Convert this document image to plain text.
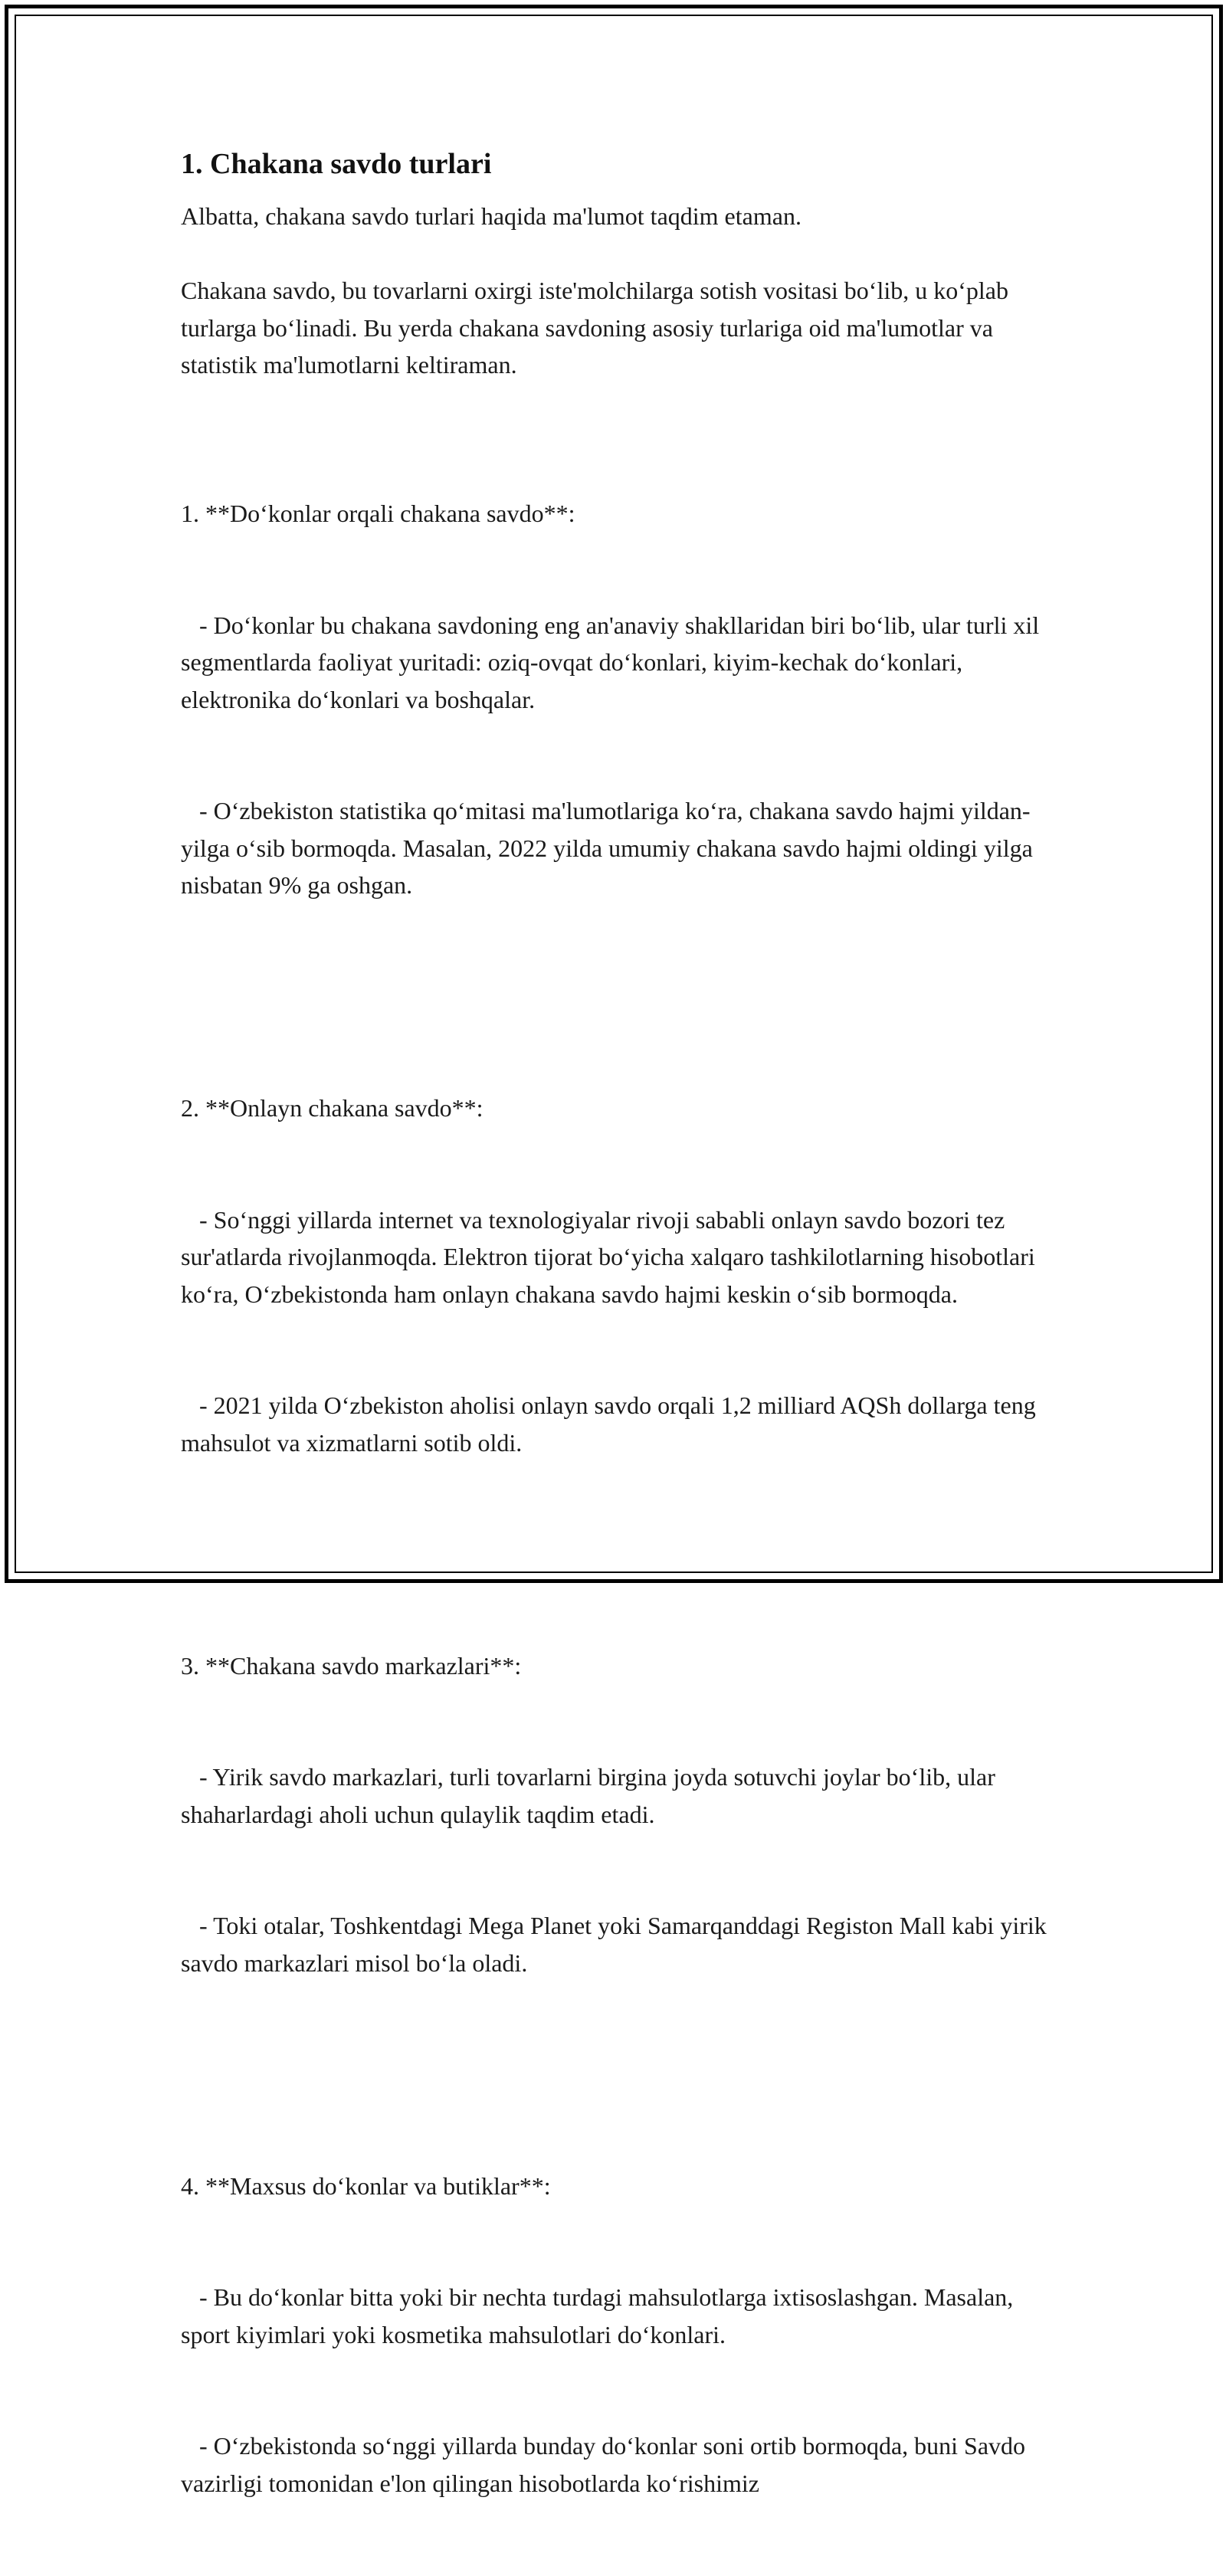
1. Chakana savdo turlari

Albatta, chakana savdo turlari haqida ma'lumot taqdim etaman.

Chakana savdo, bu tovarlarni oxirgi iste'molchilarga sotish vositasi bo‘lib, u ko‘plab turlarga bo‘linadi. Bu yerda chakana savdoning asosiy turlariga oid ma'lumotlar va statistik ma'lumotlarni keltiraman.

1. **Do‘konlar orqali chakana savdo**:

- Do‘konlar bu chakana savdoning eng an'anaviy shakllaridan biri bo‘lib, ular turli xil segmentlarda faoliyat yuritadi: oziq-ovqat do‘konlari, kiyim-kechak do‘konlari, elektronika do‘konlari va boshqalar.

- O‘zbekiston statistika qo‘mitasi ma'lumotlariga ko‘ra, chakana savdo hajmi yildan-yilga o‘sib bormoqda. Masalan, 2022 yilda umumiy chakana savdo hajmi oldingi yilga nisbatan 9% ga oshgan.

2. **Onlayn chakana savdo**:

- So‘nggi yillarda internet va texnologiyalar rivoji sababli onlayn savdo bozori tez sur'atlarda rivojlanmoqda. Elektron tijorat bo‘yicha xalqaro tashkilotlarning hisobotlari ko‘ra, O‘zbekistonda ham onlayn chakana savdo hajmi keskin o‘sib bormoqda.

- 2021 yilda O‘zbekiston aholisi onlayn savdo orqali 1,2 milliard AQSh dollarga teng mahsulot va xizmatlarni sotib oldi.

3. **Chakana savdo markazlari**:

- Yirik savdo markazlari, turli tovarlarni birgina joyda sotuvchi joylar bo‘lib, ular shaharlardagi aholi uchun qulaylik taqdim etadi.

- Toki otalar, Toshkentdagi Mega Planet yoki Samarqanddagi Registon Mall kabi yirik savdo markazlari misol bo‘la oladi.

4. **Maxsus do‘konlar va butiklar**:

- Bu do‘konlar bitta yoki bir nechta turdagi mahsulotlarga ixtisoslashgan. Masalan, sport kiyimlari yoki kosmetika mahsulotlari do‘konlari.

- O‘zbekistonda so‘nggi yillarda bunday do‘konlar soni ortib bormoqda, buni Savdo vazirligi tomonidan e'lon qilingan hisobotlarda ko‘rishimiz
